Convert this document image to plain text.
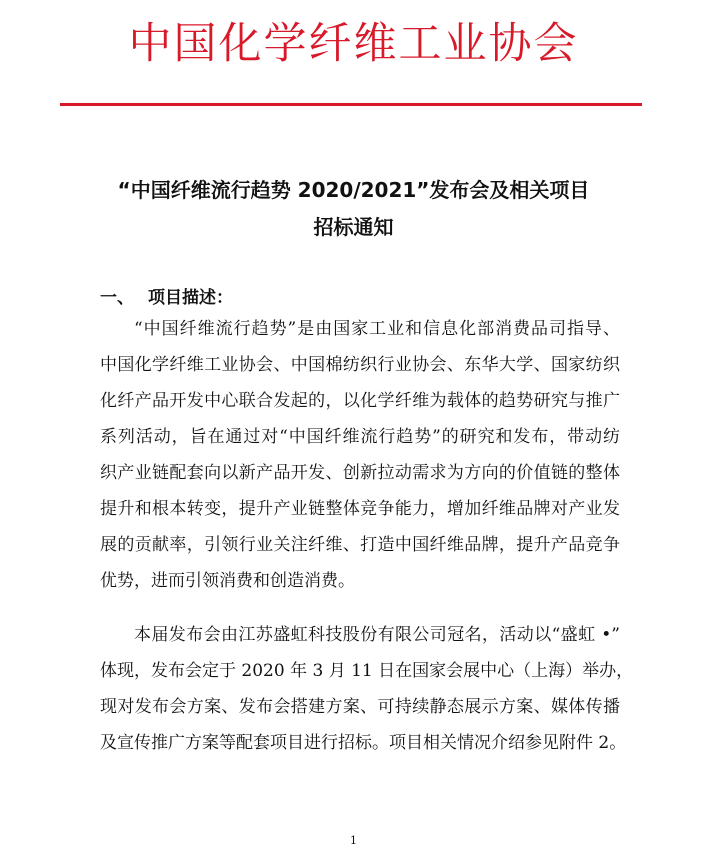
中国化学纤维工业协会
“中国纤维流行趋势 2020/2021”发布会及相关项目
招标通知
一、 项目描述：
“中国纤维流行趋势”是由国家工业和信息化部消费品司指导、
中国化学纤维工业协会、中国棉纺织行业协会、东华大学、国家纺织
化纤产品开发中心联合发起的，以化学纤维为载体的趋势研究与推广
系列活动，旨在通过对“中国纤维流行趋势”的研究和发布，带动纺
织产业链配套向以新产品开发、创新拉动需求为方向的价值链的整体
提升和根本转变，提升产业链整体竞争能力，增加纤维品牌对产业发
展的贡献率，引领行业关注纤维、打造中国纤维品牌，提升产品竞争
优势，进而引领消费和创造消费。
本届发布会由江苏盛虹科技股份有限公司冠名，活动以“盛虹 •”
体现，发布会定于 2020 年 3 月 11 日在国家会展中心（上海）举办，
现对发布会方案、发布会搭建方案、可持续静态展示方案、媒体传播
及宣传推广方案等配套项目进行招标。项目相关情况介绍参见附件 2。
1
